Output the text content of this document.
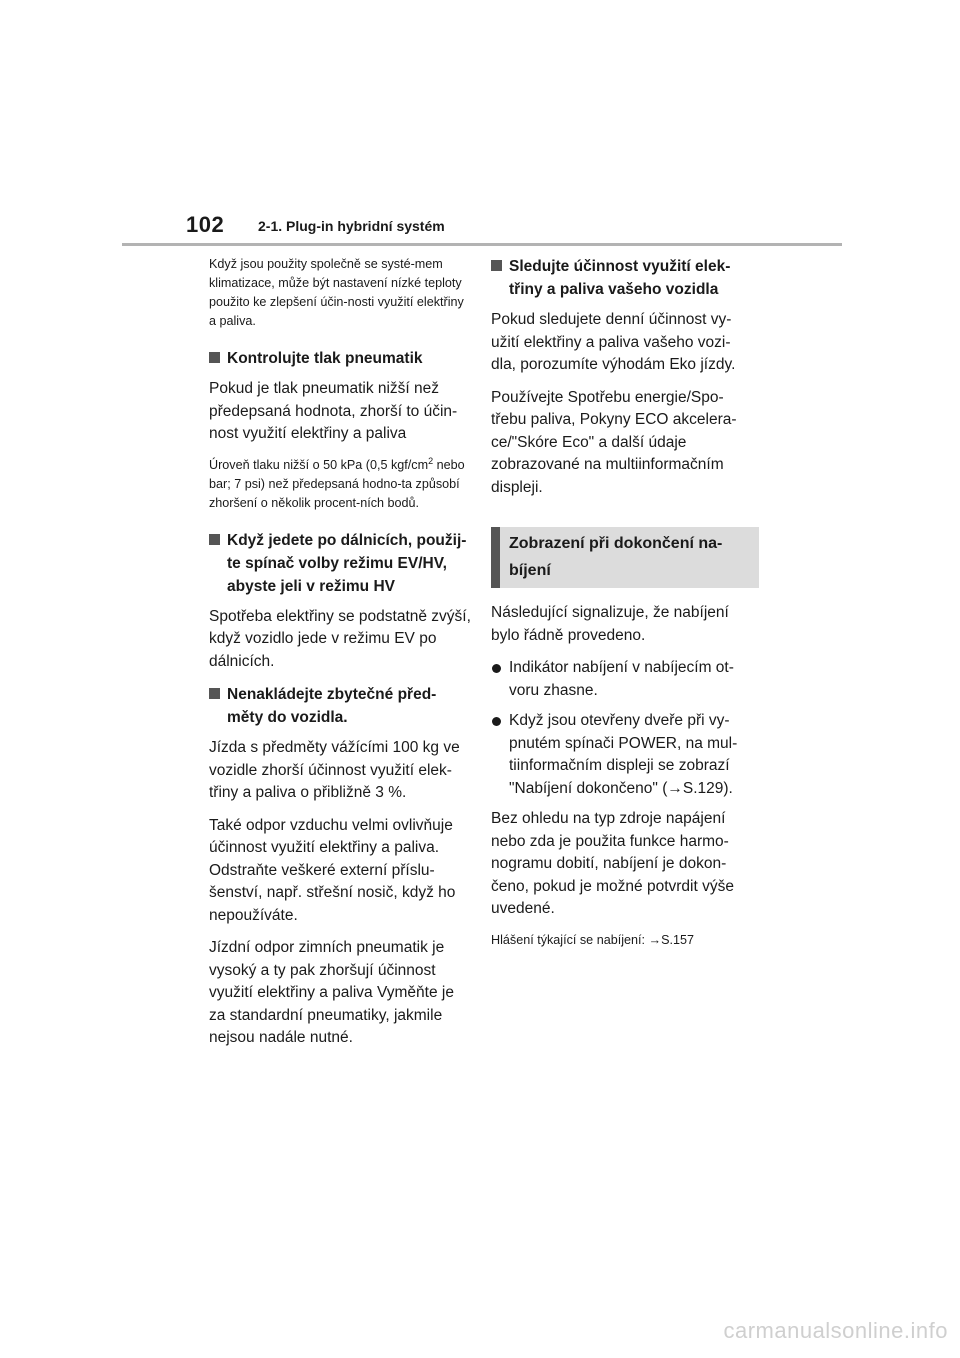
102 2-1. Plug-in hybridní systém

Když jsou použity společně se systé-mem klimatizace, může být nastavení nízké teploty použito ke zlepšení účin-nosti využití elektřiny a paliva.

Kontrolujte tlak pneumatik

Pokud je tlak pneumatik nižší než předepsaná hodnota, zhorší to účin-nost využití elektřiny a paliva

Úroveň tlaku nižší o 50 kPa (0,5 kgf/$cm^2$ nebo bar; 7 psi) než předepsaná hodno-ta způsobí zhoršení o několik procent-ních bodů.

Když jedete po dálnicích, použij-te spínač volby režimu EV/HV, abyste jeli v režimu HV

Spotřeba elektřiny se podstatně zvýší, když vozidlo jede v režimu EV po dálnicích.

Nenakládejte zbytečné před-měty do vozidla.

Jízda s předměty vážícími 100 kg ve vozidle zhorší účinnost využití elek-třiny a paliva o přibližně 3 %.

Také odpor vzduchu velmi ovlivňuje účinnost využití elektřiny a paliva. Odstraňte veškeré externí příslu-šenství, např. střešní nosič, když ho nepoužíváte.

Jízdní odpor zimních pneumatik je vysoký a ty pak zhoršují účinnost využití elektřiny a paliva Vyměňte je za standardní pneumatiky, jakmile nejsou nadále nutné.

Sledujte účinnost využití elek-třiny a paliva vašeho vozidla

Pokud sledujete denní účinnost vy-užití elektřiny a paliva vašeho vozi-dla, porozumíte výhodám Eko jízdy.

Používejte Spotřebu energie/Spo-třebu paliva, Pokyny ECO akcelera-ce/"Skóre Eco" a další údaje zobrazované na multiinformačním displeji.

Zobrazení při dokončení na-bíjení

Následující signalizuje, že nabíjení bylo řádně provedeno.

Indikátor nabíjení v nabíjecím ot-voru zhasne.
Když jsou otevřeny dveře při vy-pnutém spínači POWER, na mul-tiinformačním displeji se zobrazí "Nabíjení dokončeno" (→S.129).

Bez ohledu na typ zdroje napájení nebo zda je použita funkce harmo-nogramu dobití, nabíjení je dokon-čeno, pokud je možné potvrdit výše uvedené.

Hlášení týkající se nabíjení: →S.157

carmanualsonline.info
